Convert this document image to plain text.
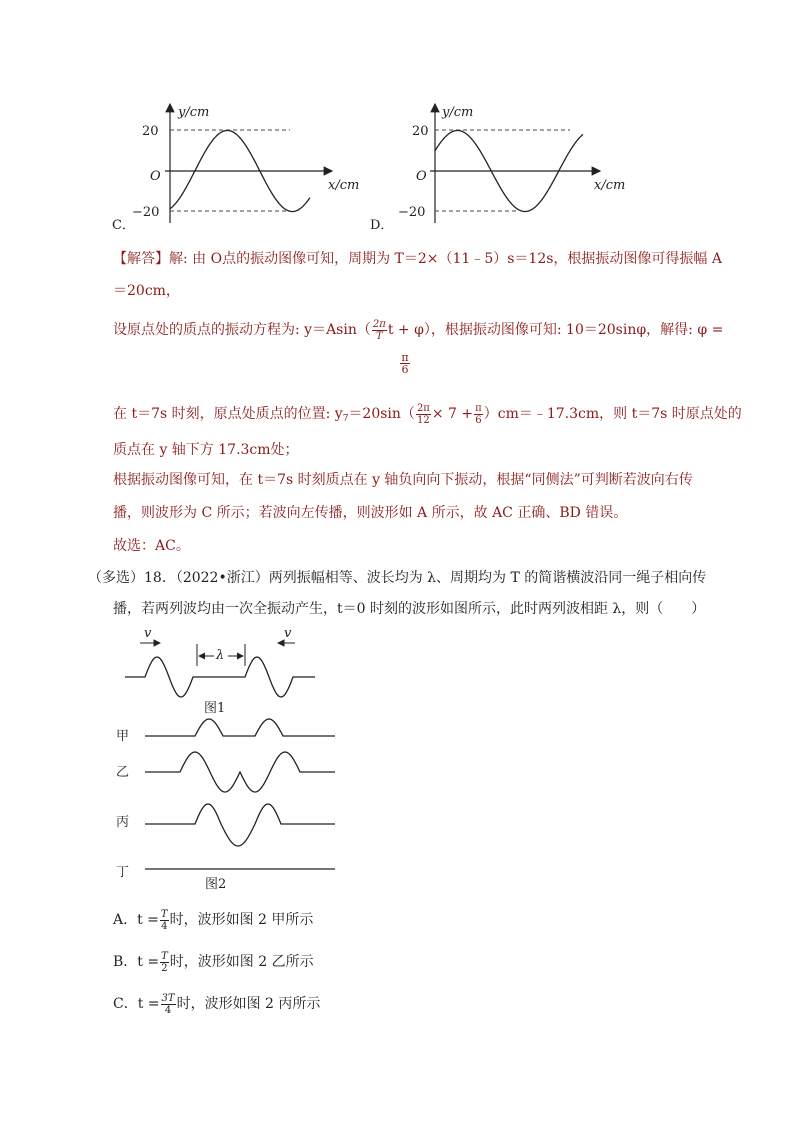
y/cm
20
O
−20
x/cm
C．
y/cm
20
O
−20
x/cm
D．
【解答】解: 由 O点的振动图像可知，周期为 T＝2×（11﹣5）s＝12s，根据振动图像可得振幅 A
＝20cm，
设原点处的质点的振动方程为: $y=Asin( \frac{2\pi}{T}$ t + φ），根据振动图像可知: 10＝20sinφ，解得: φ =
$\frac{\pi}{6}$
在 t＝7s 时刻，原点处质点的位置: $y_7=20\sin( \frac{2\pi}{12} \times 7 + \frac{\pi}{6}$ ）cm＝﹣17.3cm，则 t＝7s 时原点处的
质点在 y 轴下方 17.3cm处；
根据振动图像可知，在 t＝7s 时刻质点在 y 轴负向向下振动，根据“同侧法”可判断若波向右传
播，则波形为 C 所示；若波向左传播，则波形如 A 所示，故 AC 正确、BD 错误。
故选：AC。
（多选）18．（2022•浙江）两列振幅相等、波长均为 λ、周期均为 T 的简谐横波沿同一绳子相向传
播，若两列波均由一次全振动产生，t＝0 时刻的波形如图所示，此时两列波相距 λ，则（　　）
v	v
λ
图1
甲
乙
丙
丁
图2
A．$t = \frac{T}{4}$ 时，波形如图 2 甲所示
B．$t = \frac{T}{2}$ 时，波形如图 2 乙所示
C．$t = \frac{3T}{4}$ 时，波形如图 2 丙所示
